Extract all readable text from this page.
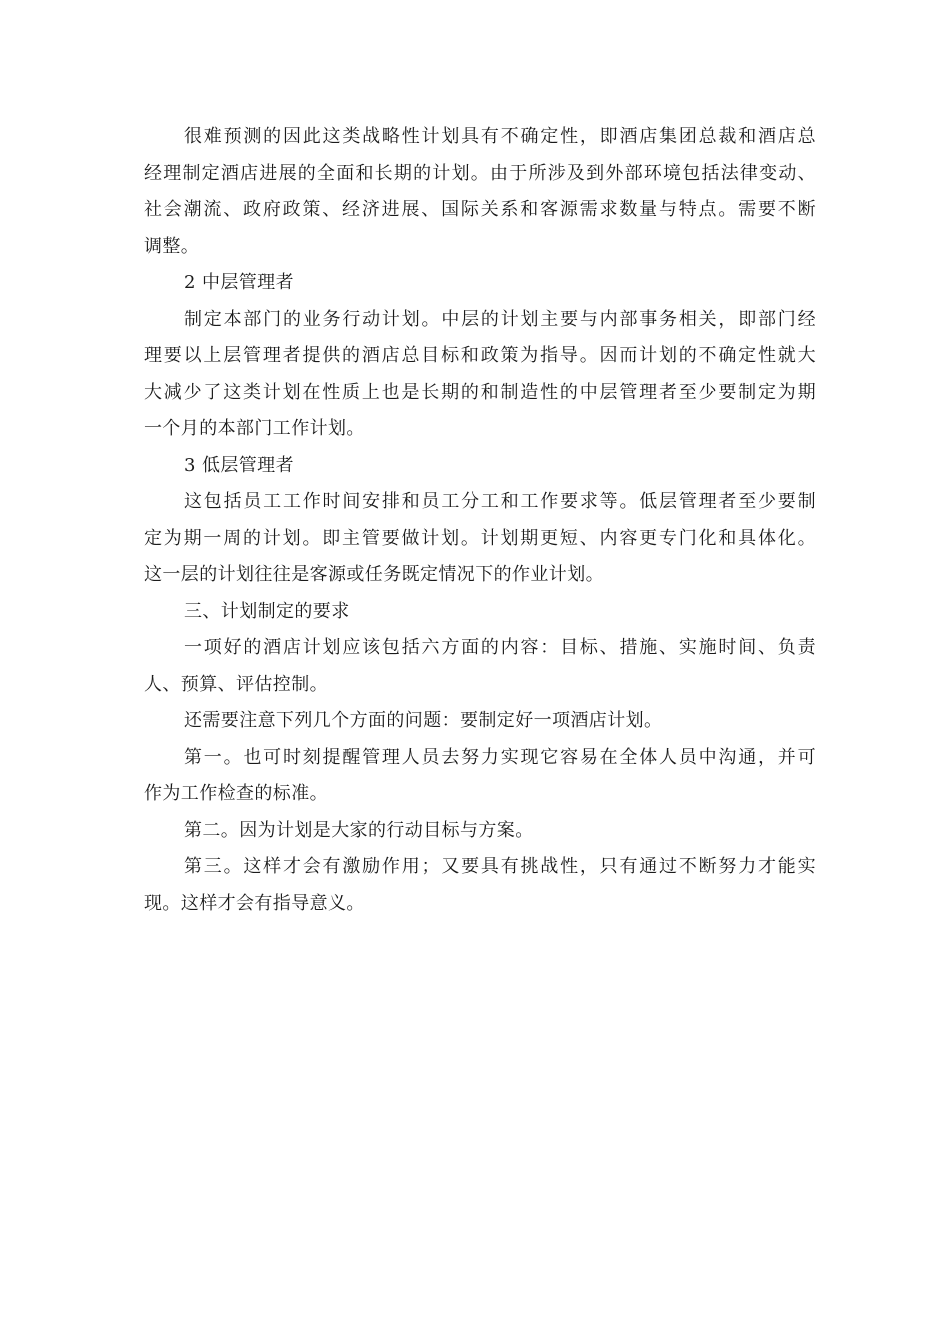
很难预测的因此这类战略性计划具有不确定性，即酒店集团总裁和酒店总
经理制定酒店进展的全面和长期的计划。由于所涉及到外部环境包括法律变动、
社会潮流、政府政策、经济进展、国际关系和客源需求数量与特点。需要不断
调整。
2 中层管理者
制定本部门的业务行动计划。中层的计划主要与内部事务相关，即部门经
理要以上层管理者提供的酒店总目标和政策为指导。因而计划的不确定性就大
大减少了这类计划在性质上也是长期的和制造性的中层管理者至少要制定为期
一个月的本部门工作计划。
3 低层管理者
这包括员工工作时间安排和员工分工和工作要求等。低层管理者至少要制
定为期一周的计划。即主管要做计划。计划期更短、内容更专门化和具体化。
这一层的计划往往是客源或任务既定情况下的作业计划。
三、计划制定的要求
一项好的酒店计划应该包括六方面的内容：目标、措施、实施时间、负责
人、预算、评估控制。
还需要注意下列几个方面的问题：要制定好一项酒店计划。
第一。也可时刻提醒管理人员去努力实现它容易在全体人员中沟通，并可
作为工作检查的标准。
第二。因为计划是大家的行动目标与方案。
第三。这样才会有激励作用；又要具有挑战性，只有通过不断努力才能实
现。这样才会有指导意义。
